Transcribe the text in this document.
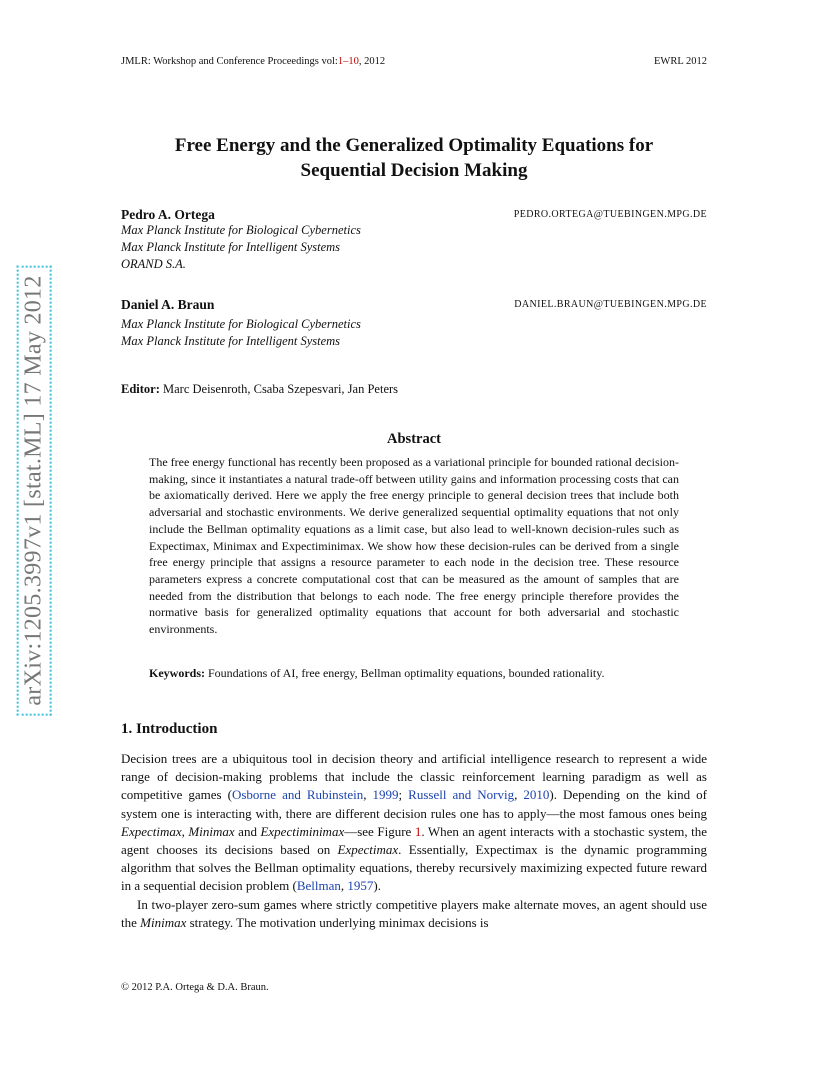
JMLR: Workshop and Conference Proceedings vol:1–10, 2012	EWRL 2012
Free Energy and the Generalized Optimality Equations for
Sequential Decision Making
Pedro A. Ortega	PEDRO.ORTEGA@TUEBINGEN.MPG.DE
Max Planck Institute for Biological Cybernetics
Max Planck Institute for Intelligent Systems
ORAND S.A.
Daniel A. Braun	DANIEL.BRAUN@TUEBINGEN.MPG.DE
Max Planck Institute for Biological Cybernetics
Max Planck Institute for Intelligent Systems
Editor: Marc Deisenroth, Csaba Szepesvari, Jan Peters
Abstract
The free energy functional has recently been proposed as a variational principle for bounded rational decision-making, since it instantiates a natural trade-off between utility gains and information processing costs that can be axiomatically derived. Here we apply the free energy principle to general decision trees that include both adversarial and stochastic environments. We derive generalized sequential optimality equations that not only include the Bellman optimality equations as a limit case, but also lead to well-known decision-rules such as Expectimax, Minimax and Expectiminimax. We show how these decision-rules can be derived from a single free energy principle that assigns a resource parameter to each node in the decision tree. These resource parameters express a concrete computational cost that can be measured as the amount of samples that are needed from the distribution that belongs to each node. The free energy principle therefore provides the normative basis for generalized optimality equations that account for both adversarial and stochastic environments.
Keywords: Foundations of AI, free energy, Bellman optimality equations, bounded rationality.
1. Introduction

Decision trees are a ubiquitous tool in decision theory and artificial intelligence research to represent a wide range of decision-making problems that include the classic reinforcement learning paradigm as well as competitive games (Osborne and Rubinstein, 1999; Russell and Norvig, 2010). Depending on the kind of system one is interacting with, there are different decision rules one has to apply—the most famous ones being Expectimax, Minimax and Expectiminimax—see Figure 1. When an agent interacts with a stochastic system, the agent chooses its decisions based on Expectimax. Essentially, Expectimax is the dynamic programming algorithm that solves the Bellman optimality equations, thereby recursively maximizing expected future reward in a sequential decision problem (Bellman, 1957).

In two-player zero-sum games where strictly competitive players make alternate moves, an agent should use the Minimax strategy. The motivation underlying minimax decisions is

© 2012 P.A. Ortega & D.A. Braun.
arXiv:1205.3997v1 [stat.ML] 17 May 2012
